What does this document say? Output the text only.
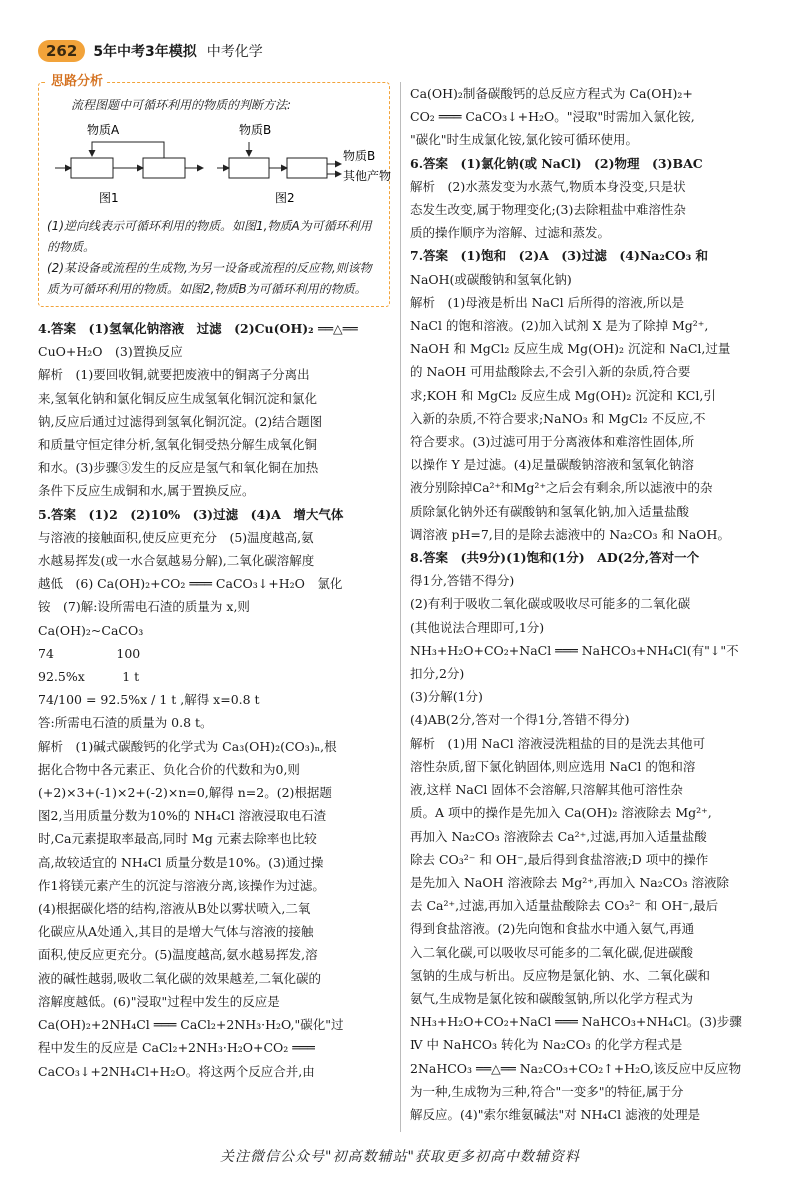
262	5年中考3年模拟 中考化学
思路分析

流程图题中可循环利用的物质的判断方法:

物质A
图1
物质B
物质B
其他产物
图2

(1)逆向线表示可循环利用的物质。如图1,物质A为可循环利用的物质。

(2)某设备或流程的生成物,为另一设备或流程的反应物,则该物质为可循环利用的物质。如图2,物质B为可循环利用的物质。

4.答案　(1)氢氧化钠溶液　过滤　(2)Cu(OH)₂ ══△══
CuO+H₂O　(3)置换反应
解析　(1)要回收铜,就要把废液中的铜离子分离出
来,氢氧化钠和氯化铜反应生成氢氧化铜沉淀和氯化
钠,反应后通过过滤得到氢氧化铜沉淀。(2)结合题图
和质量守恒定律分析,氢氧化铜受热分解生成氧化铜
和水。(3)步骤③发生的反应是氢气和氧化铜在加热
条件下反应生成铜和水,属于置换反应。
5.答案　(1)2　(2)10%　(3)过滤　(4)A　增大气体
与溶液的接触面积,使反应更充分　(5)温度越高,氨
水越易挥发(或一水合氨越易分解),二氧化碳溶解度
越低　(6) Ca(OH)₂+CO₂ ═══ CaCO₃↓+H₂O　氯化
铵　(7)解:设所需电石渣的质量为 x,则
Ca(OH)₂~CaCO₃
74　　　　　100
92.5%x　　　1 t
74/100 = 92.5%x / 1 t ,解得 x=0.8 t
答:所需电石渣的质量为 0.8 t。
解析　(1)碱式碳酸钙的化学式为 Ca₃(OH)₂(CO₃)ₙ,根
据化合物中各元素正、负化合价的代数和为0,则
(+2)×3+(-1)×2+(-2)×n=0,解得 n=2。(2)根据题
图2,当用质量分数为10%的 NH₄Cl 溶液浸取电石渣
时,Ca元素提取率最高,同时 Mg 元素去除率也比较
高,故较适宜的 NH₄Cl 质量分数是10%。(3)通过操
作1将镁元素产生的沉淀与溶液分离,该操作为过滤。
(4)根据碳化塔的结构,溶液从B处以雾状喷入,二氧
化碳应从A处通入,其目的是增大气体与溶液的接触
面积,使反应更充分。(5)温度越高,氨水越易挥发,溶
液的碱性越弱,吸收二氧化碳的效果越差,二氧化碳的
溶解度越低。(6)"浸取"过程中发生的反应是
Ca(OH)₂+2NH₄Cl ═══ CaCl₂+2NH₃·H₂O,"碳化"过
程中发生的反应是 CaCl₂+2NH₃·H₂O+CO₂ ═══
CaCO₃↓+2NH₄Cl+H₂O。将这两个反应合并,由
Ca(OH)₂制备碳酸钙的总反应方程式为 Ca(OH)₂+
CO₂ ═══ CaCO₃↓+H₂O。"浸取"时需加入氯化铵,
"碳化"时生成氯化铵,氯化铵可循环使用。
6.答案　(1)氯化钠(或 NaCl)　(2)物理　(3)BAC
解析　(2)水蒸发变为水蒸气,物质本身没变,只是状
态发生改变,属于物理变化;(3)去除粗盐中难溶性杂
质的操作顺序为溶解、过滤和蒸发。
7.答案　(1)饱和　(2)A　(3)过滤　(4)Na₂CO₃ 和
NaOH(或碳酸钠和氢氧化钠)
解析　(1)母液是析出 NaCl 后所得的溶液,所以是
NaCl 的饱和溶液。(2)加入试剂 X 是为了除掉 Mg²⁺,
NaOH 和 MgCl₂ 反应生成 Mg(OH)₂ 沉淀和 NaCl,过量
的 NaOH 可用盐酸除去,不会引入新的杂质,符合要
求;KOH 和 MgCl₂ 反应生成 Mg(OH)₂ 沉淀和 KCl,引
入新的杂质,不符合要求;NaNO₃ 和 MgCl₂ 不反应,不
符合要求。(3)过滤可用于分离液体和难溶性固体,所
以操作 Y 是过滤。(4)足量碳酸钠溶液和氢氧化钠溶
液分别除掉Ca²⁺和Mg²⁺之后会有剩余,所以滤液中的杂
质除氯化钠外还有碳酸钠和氢氧化钠,加入适量盐酸
调溶液 pH=7,目的是除去滤液中的 Na₂CO₃ 和 NaOH。
8.答案　(共9分)(1)饱和(1分)　AD(2分,答对一个
得1分,答错不得分)
(2)有利于吸收二氧化碳或吸收尽可能多的二氧化碳
(其他说法合理即可,1分)
NH₃+H₂O+CO₂+NaCl ═══ NaHCO₃+NH₄Cl(有"↓"不
扣分,2分)
(3)分解(1分)
(4)AB(2分,答对一个得1分,答错不得分)
解析　(1)用 NaCl 溶液浸洗粗盐的目的是洗去其他可
溶性杂质,留下氯化钠固体,则应选用 NaCl 的饱和溶
液,这样 NaCl 固体不会溶解,只溶解其他可溶性杂
质。A 项中的操作是先加入 Ca(OH)₂ 溶液除去 Mg²⁺,
再加入 Na₂CO₃ 溶液除去 Ca²⁺,过滤,再加入适量盐酸
除去 CO₃²⁻ 和 OH⁻,最后得到食盐溶液;D 项中的操作
是先加入 NaOH 溶液除去 Mg²⁺,再加入 Na₂CO₃ 溶液除
去 Ca²⁺,过滤,再加入适量盐酸除去 CO₃²⁻ 和 OH⁻,最后
得到食盐溶液。(2)先向饱和食盐水中通入氨气,再通
入二氧化碳,可以吸收尽可能多的二氧化碳,促进碳酸
氢钠的生成与析出。反应物是氯化钠、水、二氧化碳和
氨气,生成物是氯化铵和碳酸氢钠,所以化学方程式为
NH₃+H₂O+CO₂+NaCl ═══ NaHCO₃+NH₄Cl。(3)步骤
Ⅳ 中 NaHCO₃ 转化为 Na₂CO₃ 的化学方程式是
2NaHCO₃ ══△══ Na₂CO₃+CO₂↑+H₂O,该反应中反应物
为一种,生成物为三种,符合"一变多"的特征,属于分
解反应。(4)"索尔维氨碱法"对 NH₄Cl 滤液的处理是
关注微信公众号"初高数辅站"获取更多初高中数辅资料
